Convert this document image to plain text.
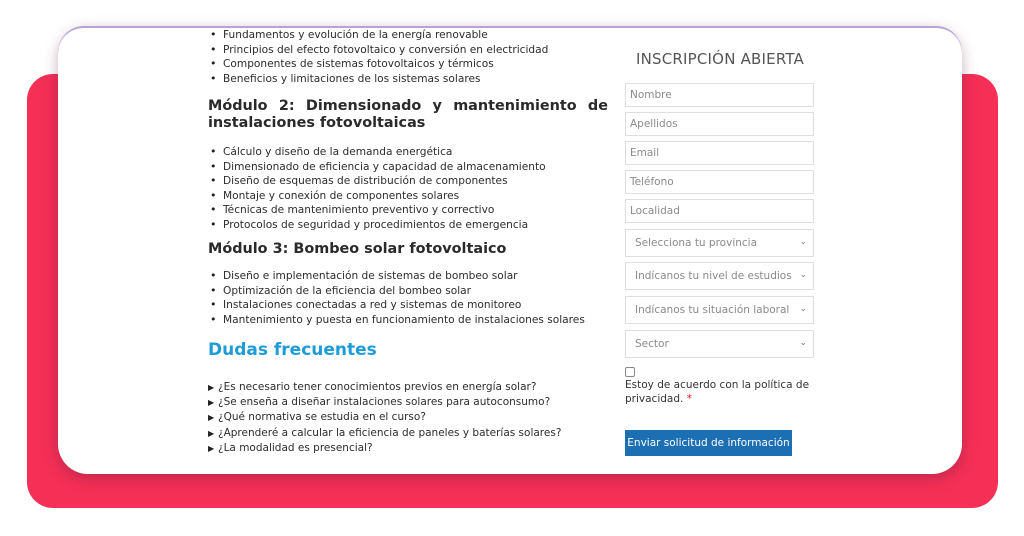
• Fundamentos y evolución de la energía renovable
• Principios del efecto fotovoltaico y conversión en electricidad
• Componentes de sistemas fotovoltaicos y térmicos
• Beneficios y limitaciones de los sistemas solares
Módulo 2: Dimensionado y mantenimiento de instalaciones fotovoltaicas
• Cálculo y diseño de la demanda energética
• Dimensionado de eficiencia y capacidad de almacenamiento
• Diseño de esquemas de distribución de componentes
• Montaje y conexión de componentes solares
• Técnicas de mantenimiento preventivo y correctivo
• Protocolos de seguridad y procedimientos de emergencia
Módulo 3: Bombeo solar fotovoltaico
• Diseño e implementación de sistemas de bombeo solar
• Optimización de la eficiencia del bombeo solar
• Instalaciones conectadas a red y sistemas de monitoreo
• Mantenimiento y puesta en funcionamiento de instalaciones solares
Dudas frecuentes
▶ ¿Es necesario tener conocimientos previos en energía solar?
▶ ¿Se enseña a diseñar instalaciones solares para autoconsumo?
▶ ¿Qué normativa se estudia en el curso?
▶ ¿Aprenderé a calcular la eficiencia de paneles y baterías solares?
▶ ¿La modalidad es presencial?
INSCRIPCIÓN ABIERTA
Nombre
Apellidos
Email
Teléfono
Localidad
Selecciona tu provincia	⌄
Indícanos tu nivel de estudios ⌄
Indícanos tu situación laboral ⌄
Sector	⌄
Estoy de acuerdo con la política de privacidad. *
Enviar solicitud de información
